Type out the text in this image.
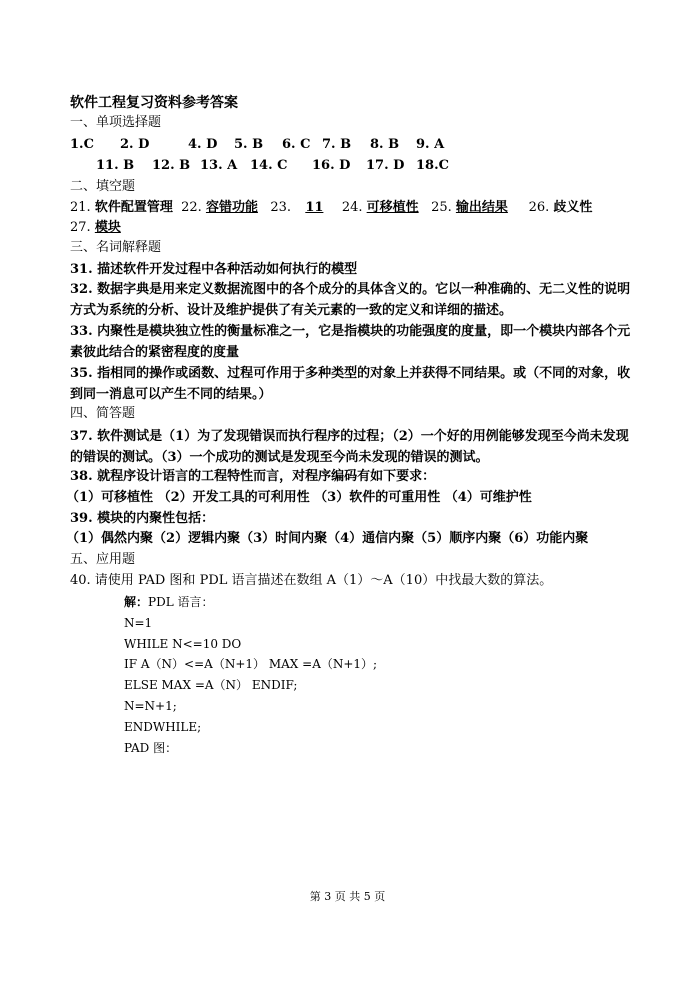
软件工程复习资料参考答案
一、单项选择题
1.C 2. D	4. D 5. B 6. C 7. B 8. B 9. A
11. B 12. B 13. A 14. C 16. D 17. D 18.C
二、填空题
21. 软件配置管理 22. 容错功能 23. 11 24. 可移植性 25. 输出结果 26. 歧义性
27. 模块
三、名词解释题
31. 描述软件开发过程中各种活动如何执行的模型
32. 数据字典是用来定义数据流图中的各个成分的具体含义的。它以一种准确的、无二义性的说明方式为系统的分析、设计及维护提供了有关元素的一致的定义和详细的描述。
33. 内聚性是模块独立性的衡量标准之一，它是指模块的功能强度的度量，即一个模块内部各个元素彼此结合的紧密程度的度量
35. 指相同的操作或函数、过程可作用于多种类型的对象上并获得不同结果。或（不同的对象，收到同一消息可以产生不同的结果。）
四、简答题
37. 软件测试是（1）为了发现错误而执行程序的过程；（2）一个好的用例能够发现至今尚未发现的错误的测试。（3）一个成功的测试是发现至今尚未发现的错误的测试。
38. 就程序设计语言的工程特性而言，对程序编码有如下要求：
（1）可移植性 （2）开发工具的可利用性 （3）软件的可重用性 （4）可维护性
39. 模块的内聚性包括：
（1）偶然内聚（2）逻辑内聚（3）时间内聚（4）通信内聚（5）顺序内聚（6）功能内聚
五、应用题
40. 请使用 PAD 图和 PDL 语言描述在数组 A（1）～A（10）中找最大数的算法。
解：PDL 语言：
N=1
WHILE N<=10 DO
IF A（N）<=A（N+1） MAX =A（N+1）;
ELSE MAX =A（N） ENDIF;
N=N+1;
ENDWHILE;
PAD 图：
第 3 页 共 5 页
